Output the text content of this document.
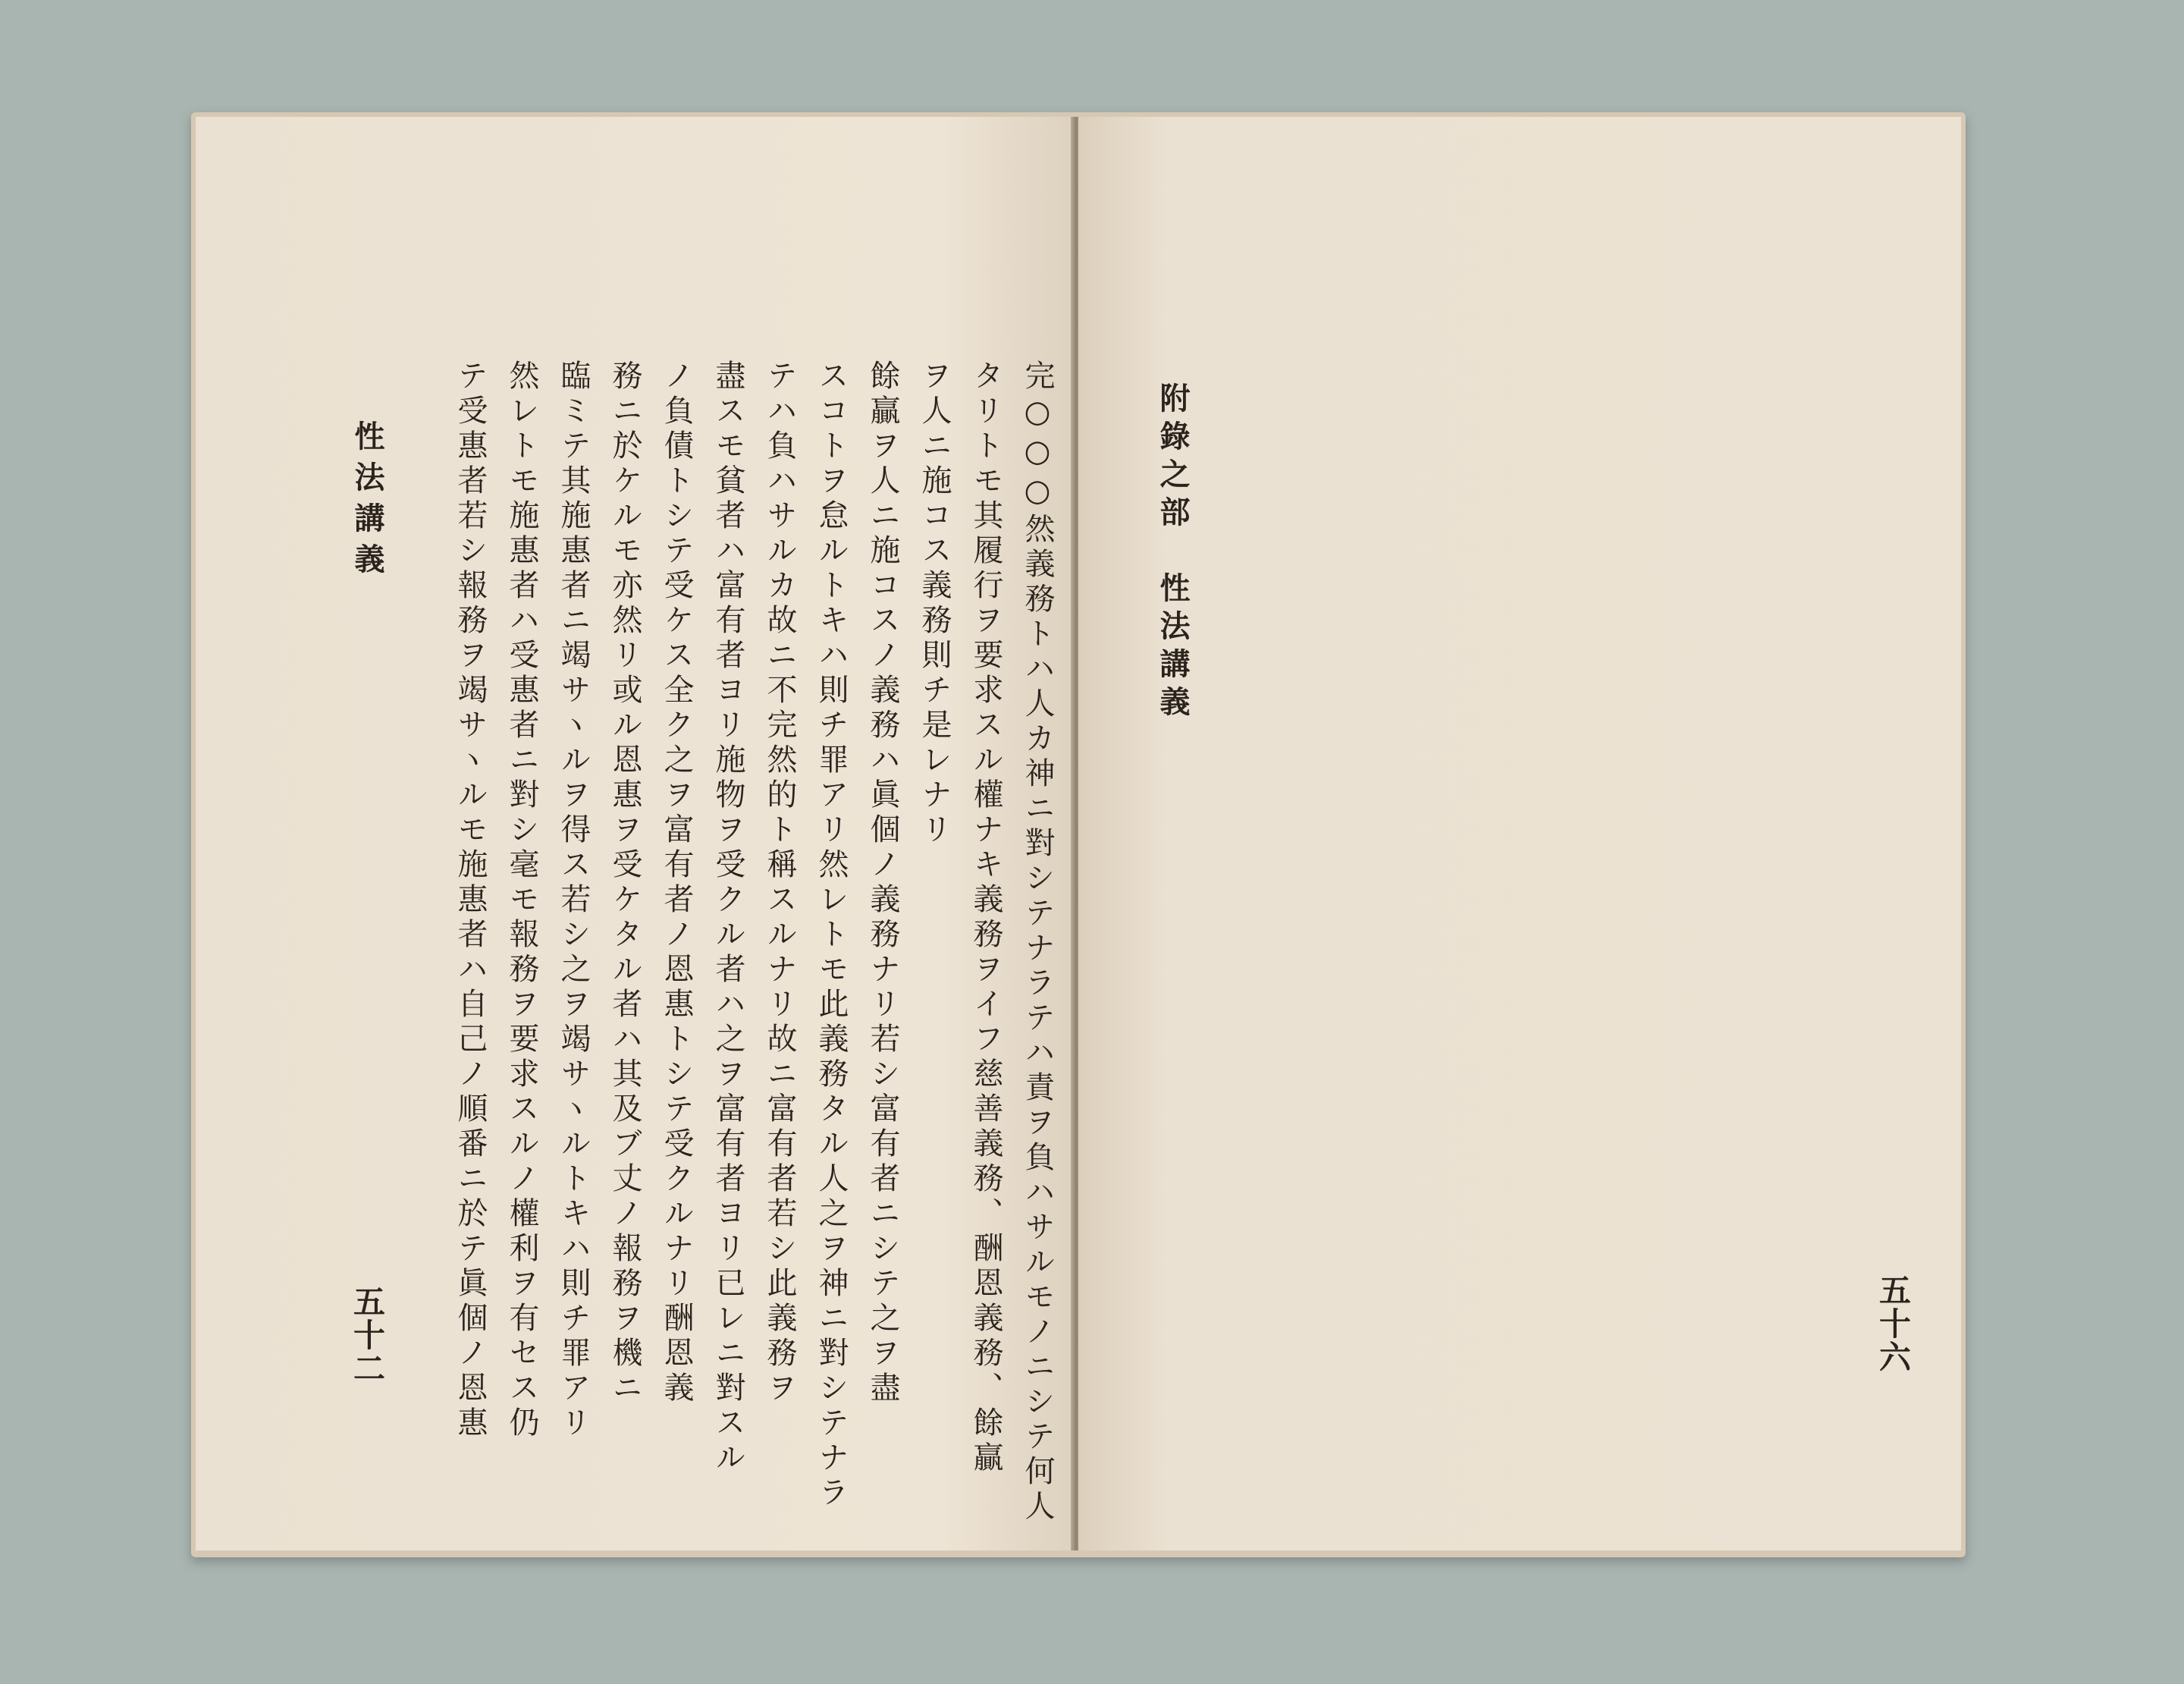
完○○○然義務トハ人カ神ニ對シテナラテハ責ヲ負ハサルモノニシテ何人
タリトモ其履行ヲ要求スル權ナキ義務ヲイフ慈善義務、酬恩義務、餘贏
ヲ人ニ施コス義務則チ是レナリ
餘贏ヲ人ニ施コスノ義務ハ眞個ノ義務ナリ若シ富有者ニシテ之ヲ盡
スコトヲ怠ルトキハ則チ罪アリ然レトモ此義務タル人之ヲ神ニ對シテナラ
テハ負ハサルカ故ニ不完然的ト稱スルナリ故ニ富有者若シ此義務ヲ
盡スモ貧者ハ富有者ヨリ施物ヲ受クル者ハ之ヲ富有者ヨリ已レニ對スル
ノ負債トシテ受ケス全ク之ヲ富有者ノ恩惠トシテ受クルナリ酬恩義
務ニ於ケルモ亦然リ或ル恩惠ヲ受ケタル者ハ其及ブ丈ノ報務ヲ機ニ
臨ミテ其施惠者ニ竭サヽルヲ得ス若シ之ヲ竭サヽルトキハ則チ罪アリ
然レトモ施惠者ハ受惠者ニ對シ毫モ報務ヲ要求スルノ權利ヲ有セス仍
テ受惠者若シ報務ヲ竭サヽルモ施惠者ハ自己ノ順番ニ於テ眞個ノ恩惠
性法講義
五十二

附錄之部　性法講義
五十六
